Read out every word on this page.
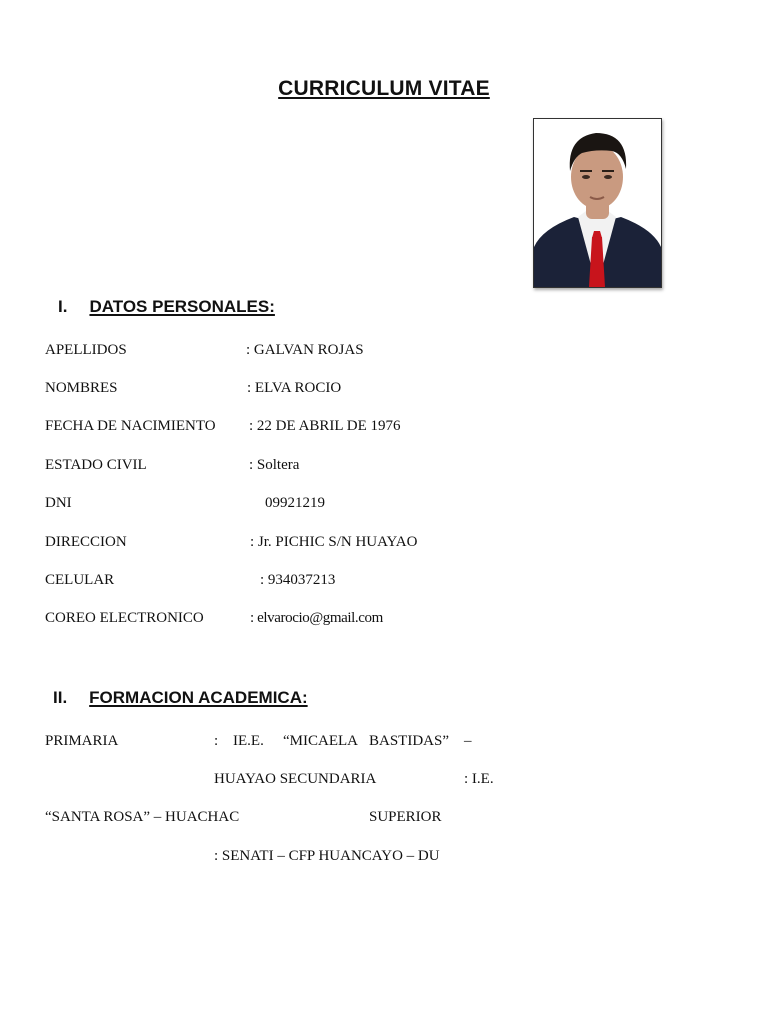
CURRICULUM VITAE
I. DATOS PERSONALES:
APELLIDOS	: GALVAN ROJAS
NOMBRES	: ELVA ROCIO
FECHA DE NACIMIENTO : 22 DE ABRIL DE 1976
ESTADO CIVIL	: Soltera
DNI	09921219
DIRECCION	: Jr. PICHIC S/N HUAYAO
CELULAR	: 934037213
COREO ELECTRONICO	: elvarocio@gmail.com
II. FORMACION ACADEMICA:
PRIMARIA	: IE.E. “MICAELA BASTIDAS” –
HUAYAO SECUNDARIA	: I.E.
“SANTA ROSA” – HUACHAC	SUPERIOR
: SENATI – CFP HUANCAYO – DU
